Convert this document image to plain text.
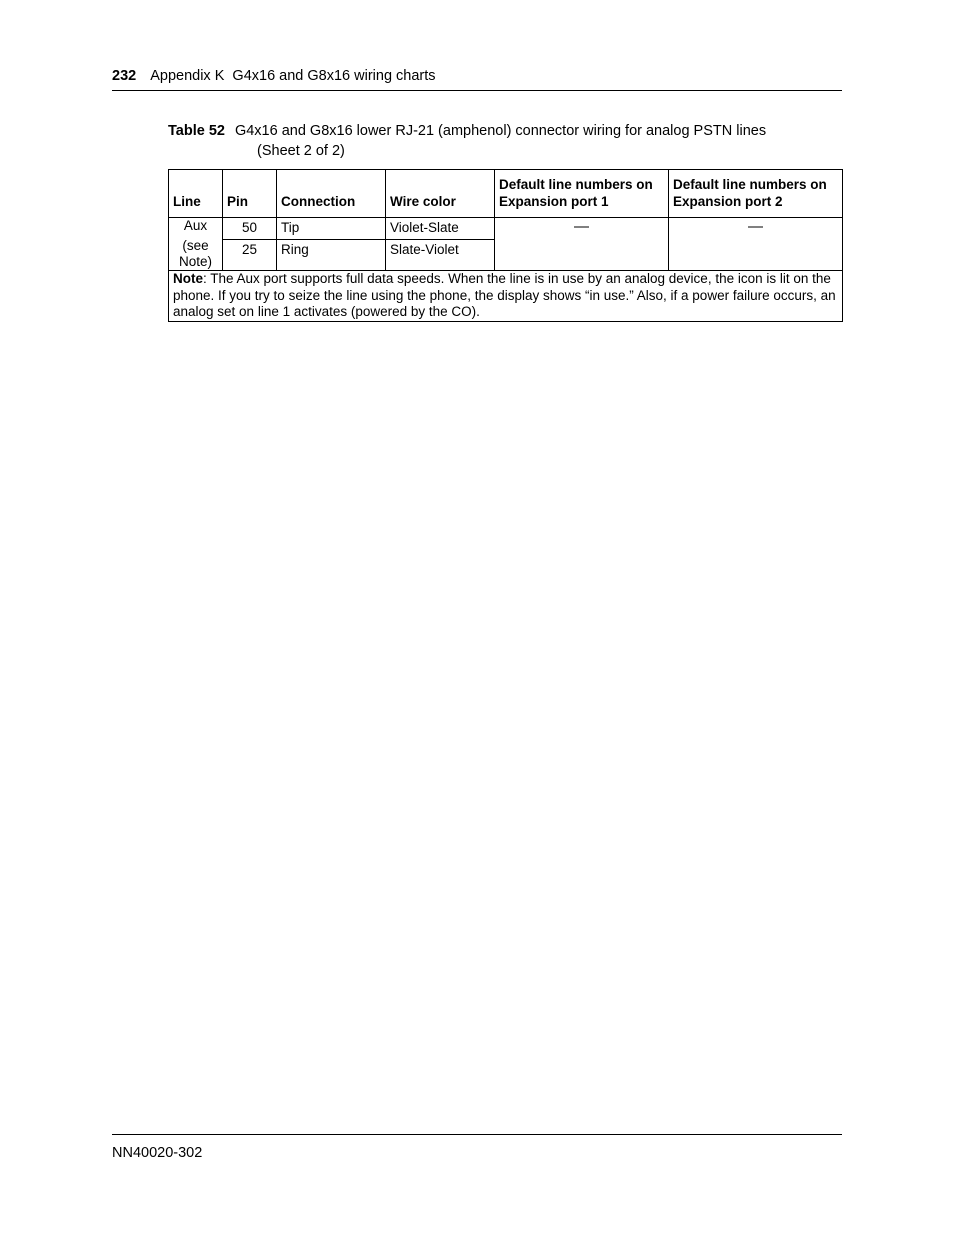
232 Appendix K  G4x16 and G8x16 wiring charts
Table 52 G4x16 and G8x16 lower RJ-21 (amphenol) connector wiring for analog PSTN lines
(Sheet 2 of 2)
Line	Pin	Connection	Wire color	Default line numbers on Expansion port 1	Default line numbers on Expansion port 2
Aux
(see Note)	50	Tip	Violet-Slate	—	—
	25	Ring	Slate-Violet		
Note: The Aux port supports full data speeds. When the line is in use by an analog device, the icon is lit on the phone. If you try to seize the line using the phone, the display shows “in use.” Also, if a power failure occurs, an analog set on line 1 activates (powered by the CO).					
NN40020-302
